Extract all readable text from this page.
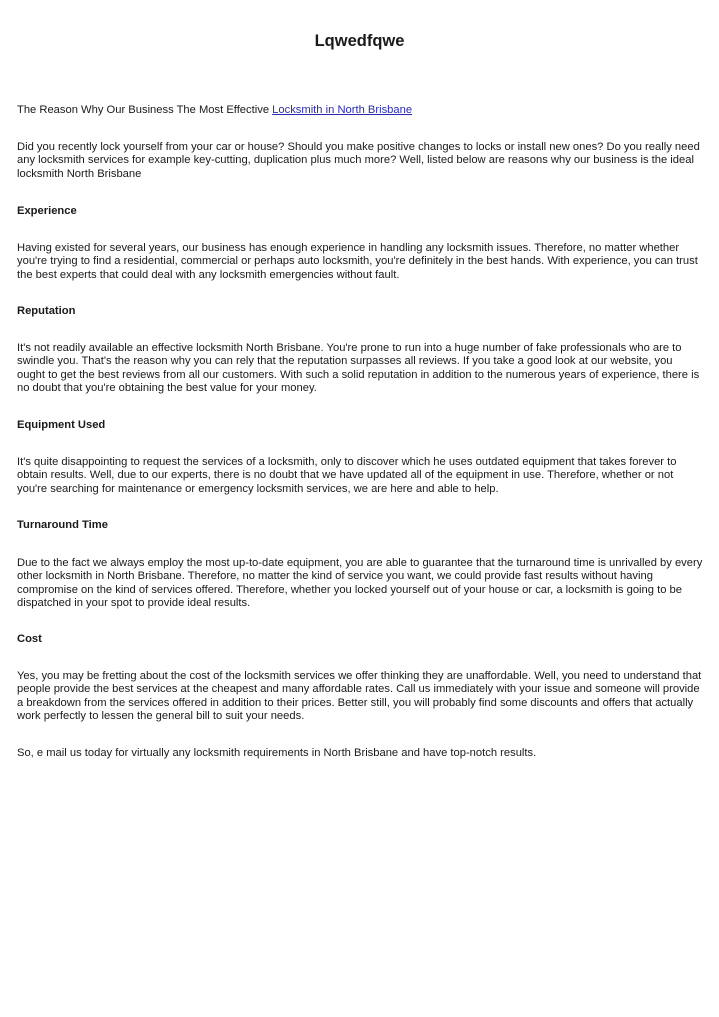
Lqwedfqwe

The Reason Why Our Business The Most Effective Locksmith in North Brisbane

Did you recently lock yourself from your car or house? Should you make positive changes to locks or install new ones? Do you really need any locksmith services for example key-cutting, duplication plus much more? Well, listed below are reasons why our business is the ideal locksmith North Brisbane

Experience

Having existed for several years, our business has enough experience in handling any locksmith issues. Therefore, no matter whether you're trying to find a residential, commercial or perhaps auto locksmith, you're definitely in the best hands. With experience, you can trust the best experts that could deal with any locksmith emergencies without fault.

Reputation

It's not readily available an effective locksmith North Brisbane. You're prone to run into a huge number of fake professionals who are to swindle you. That's the reason why you can rely that the reputation surpasses all reviews. If you take a good look at our website, you ought to get the best reviews from all our customers. With such a solid reputation in addition to the numerous years of experience, there is no doubt that you're obtaining the best value for your money.

Equipment Used

It's quite disappointing to request the services of a locksmith, only to discover which he uses outdated equipment that takes forever to obtain results. Well, due to our experts, there is no doubt that we have updated all of the equipment in use. Therefore, whether or not you're searching for maintenance or emergency locksmith services, we are here and able to help.

Turnaround Time

Due to the fact we always employ the most up-to-date equipment, you are able to guarantee that the turnaround time is unrivalled by every other locksmith in North Brisbane. Therefore, no matter the kind of service you want, we could provide fast results without having compromise on the kind of services offered. Therefore, whether you locked yourself out of your house or car, a locksmith is going to be dispatched in your spot to provide ideal results.

Cost

Yes, you may be fretting about the cost of the locksmith services we offer thinking they are unaffordable. Well, you need to understand that people provide the best services at the cheapest and many affordable rates. Call us immediately with your issue and someone will provide a breakdown from the services offered in addition to their prices. Better still, you will probably find some discounts and offers that actually work perfectly to lessen the general bill to suit your needs.

So, e mail us today for virtually any locksmith requirements in North Brisbane and have top-notch results.
